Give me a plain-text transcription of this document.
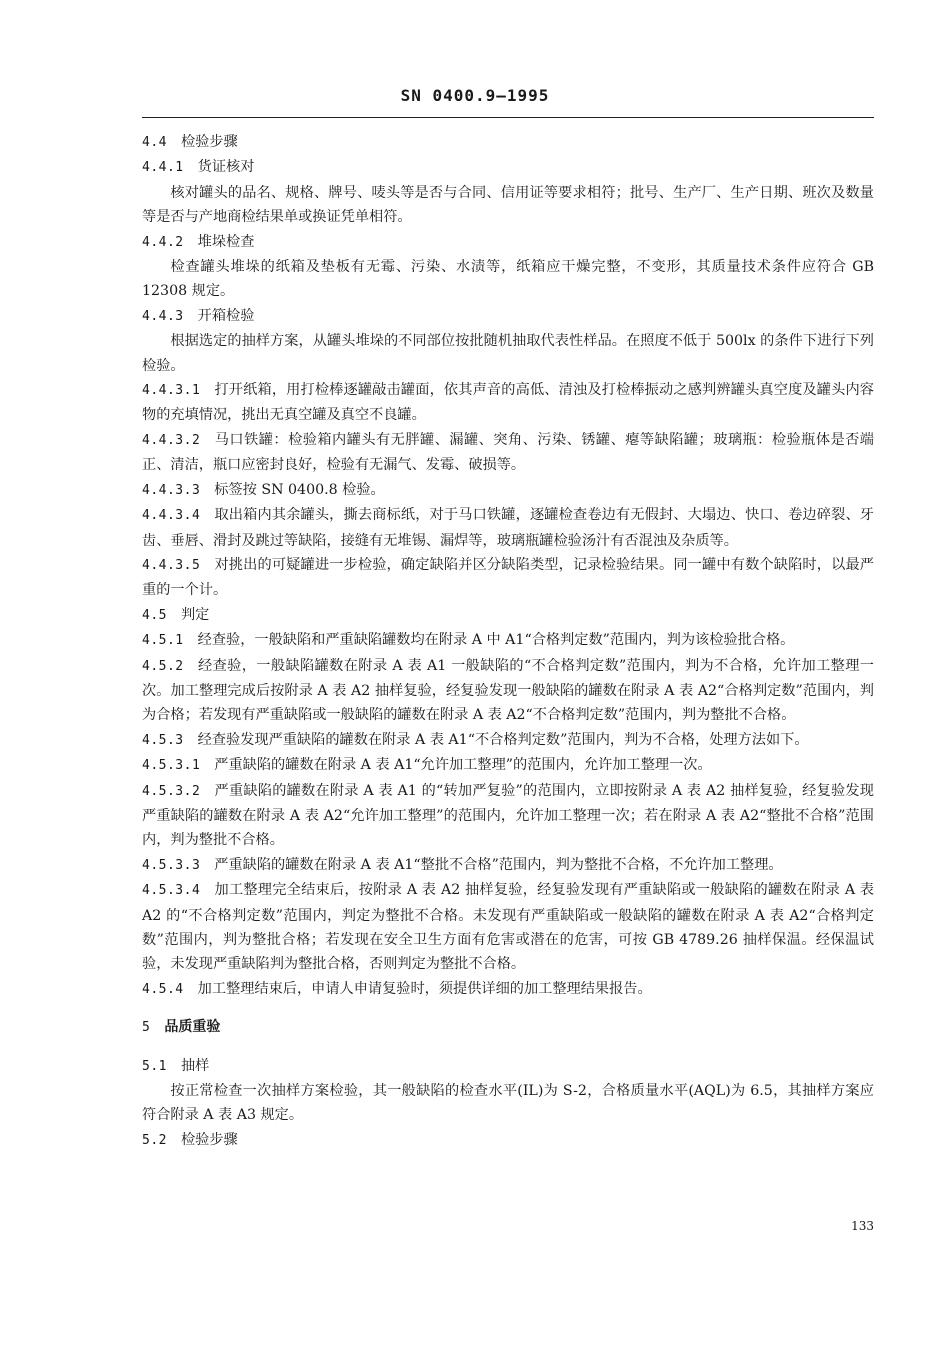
SN 0400.9—1995

4.4 检验步骤

4.4.1 货证核对

核对罐头的品名、规格、牌号、唛头等是否与合同、信用证等要求相符；批号、生产厂、生产日期、班次及数量等是否与产地商检结果单或换证凭单相符。

4.4.2 堆垛检查

检查罐头堆垛的纸箱及垫板有无霉、污染、水渍等，纸箱应干燥完整，不变形，其质量技术条件应符合 GB 12308 规定。

4.4.3 开箱检验

根据选定的抽样方案，从罐头堆垛的不同部位按批随机抽取代表性样品。在照度不低于 500lx 的条件下进行下列检验。

4.4.3.1 打开纸箱，用打检棒逐罐敲击罐面，依其声音的高低、清浊及打检棒振动之感判辨罐头真空度及罐头内容物的充填情况，挑出无真空罐及真空不良罐。

4.4.3.2 马口铁罐：检验箱内罐头有无胖罐、漏罐、突角、污染、锈罐、瘪等缺陷罐；玻璃瓶：检验瓶体是否端正、清洁，瓶口应密封良好，检验有无漏气、发霉、破损等。

4.4.3.3 标签按 SN 0400.8 检验。

4.4.3.4 取出箱内其余罐头，撕去商标纸，对于马口铁罐，逐罐检查卷边有无假封、大塌边、快口、卷边碎裂、牙齿、垂唇、滑封及跳过等缺陷，接缝有无堆锡、漏焊等，玻璃瓶罐检验汤汁有否混浊及杂质等。

4.4.3.5 对挑出的可疑罐进一步检验，确定缺陷并区分缺陷类型，记录检验结果。同一罐中有数个缺陷时，以最严重的一个计。

4.5 判定

4.5.1 经查验，一般缺陷和严重缺陷罐数均在附录 A 中 A1“合格判定数”范围内，判为该检验批合格。

4.5.2 经查验，一般缺陷罐数在附录 A 表 A1 一般缺陷的“不合格判定数”范围内，判为不合格，允许加工整理一次。加工整理完成后按附录 A 表 A2 抽样复验，经复验发现一般缺陷的罐数在附录 A 表 A2“合格判定数”范围内，判为合格；若发现有严重缺陷或一般缺陷的罐数在附录 A 表 A2“不合格判定数”范围内，判为整批不合格。

4.5.3 经查验发现严重缺陷的罐数在附录 A 表 A1“不合格判定数”范围内，判为不合格，处理方法如下。

4.5.3.1 严重缺陷的罐数在附录 A 表 A1“允许加工整理”的范围内，允许加工整理一次。

4.5.3.2 严重缺陷的罐数在附录 A 表 A1 的“转加严复验”的范围内，立即按附录 A 表 A2 抽样复验，经复验发现严重缺陷的罐数在附录 A 表 A2“允许加工整理”的范围内，允许加工整理一次；若在附录 A 表 A2“整批不合格”范围内，判为整批不合格。

4.5.3.3 严重缺陷的罐数在附录 A 表 A1“整批不合格”范围内，判为整批不合格，不允许加工整理。

4.5.3.4 加工整理完全结束后，按附录 A 表 A2 抽样复验，经复验发现有严重缺陷或一般缺陷的罐数在附录 A 表 A2 的“不合格判定数”范围内，判定为整批不合格。未发现有严重缺陷或一般缺陷的罐数在附录 A 表 A2“合格判定数”范围内，判为整批合格；若发现在安全卫生方面有危害或潜在的危害，可按 GB 4789.26 抽样保温。经保温试验，未发现严重缺陷判为整批合格，否则判定为整批不合格。

4.5.4 加工整理结束后，申请人申请复验时，须提供详细的加工整理结果报告。

5 品质重验

5.1 抽样

按正常检查一次抽样方案检验，其一般缺陷的检查水平(IL)为 S-2，合格质量水平(AQL)为 6.5，其抽样方案应符合附录 A 表 A3 规定。

5.2 检验步骤

133
